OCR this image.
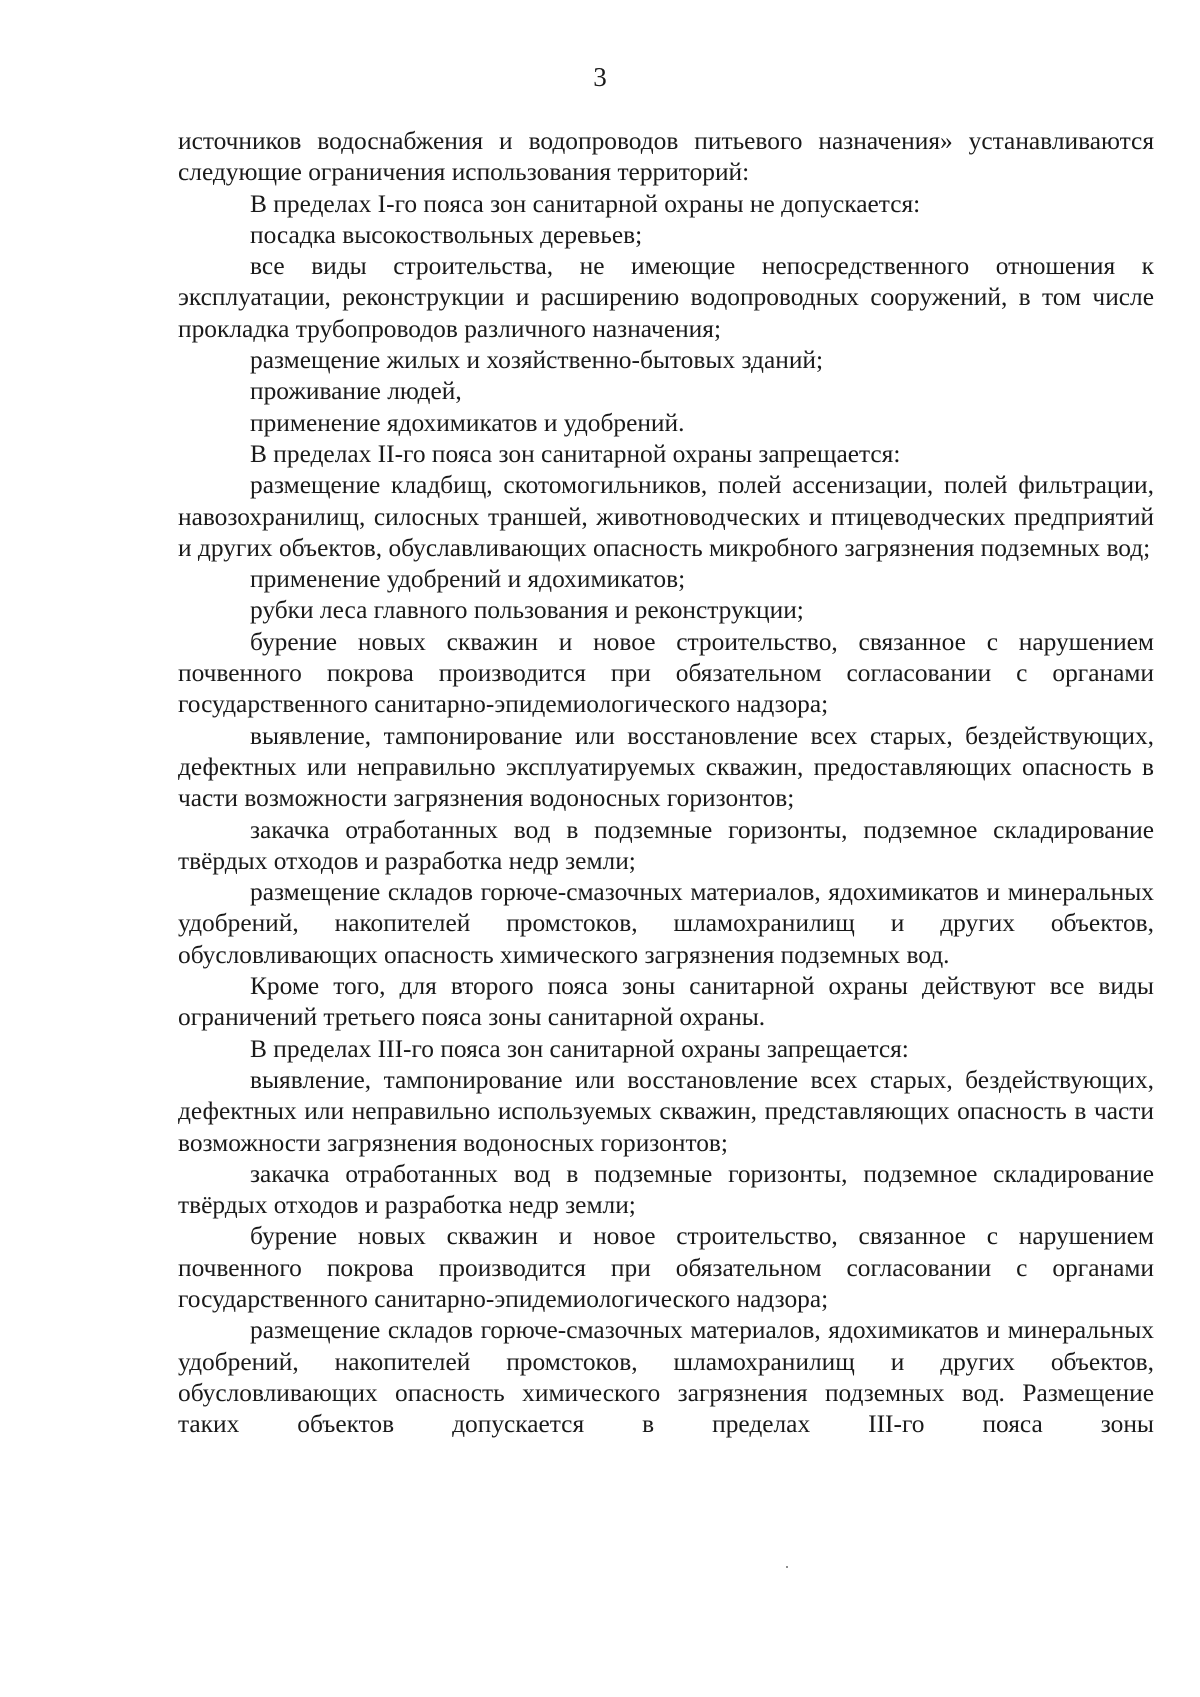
3

источников водоснабжения и водопроводов питьевого назначения» устанавливаются следующие ограничения использования территорий:

В пределах I-го пояса зон санитарной охраны не допускается:

посадка высокоствольных деревьев;

все виды строительства, не имеющие непосредственного отношения к эксплуатации, реконструкции и расширению водопроводных сооружений, в том числе прокладка трубопроводов различного назначения;

размещение жилых и хозяйственно-бытовых зданий;

проживание людей,

применение ядохимикатов и удобрений.

В пределах II-го пояса зон санитарной охраны запрещается:

размещение кладбищ, скотомогильников, полей ассенизации, полей фильтрации, навозохранилищ, силосных траншей, животноводческих и птицеводческих предприятий и других объектов, обуславливающих опасность микробного загрязнения подземных вод;

применение удобрений и ядохимикатов;

рубки леса главного пользования и реконструкции;

бурение новых скважин и новое строительство, связанное с нарушением почвенного покрова производится при обязательном согласовании с органами государственного санитарно-эпидемиологического надзора;

выявление, тампонирование или восстановление всех старых, бездействующих, дефектных или неправильно эксплуатируемых скважин, предоставляющих опасность в части возможности загрязнения водоносных горизонтов;

закачка отработанных вод в подземные горизонты, подземное складирование твёрдых отходов и разработка недр земли;

размещение складов горюче-смазочных материалов, ядохимикатов и минеральных удобрений, накопителей промстоков, шламохранилищ и других объектов, обусловливающих опасность химического загрязнения подземных вод.

Кроме того, для второго пояса зоны санитарной охраны действуют все виды ограничений третьего пояса зоны санитарной охраны.

В пределах III-го пояса зон санитарной охраны запрещается:

выявление, тампонирование или восстановление всех старых, бездействующих, дефектных или неправильно используемых скважин, представляющих опасность в части возможности загрязнения водоносных горизонтов;

закачка отработанных вод в подземные горизонты, подземное складирование твёрдых отходов и разработка недр земли;

бурение новых скважин и новое строительство, связанное с нарушением почвенного покрова производится при обязательном согласовании с органами государственного санитарно-эпидемиологического надзора;

размещение складов горюче-смазочных материалов, ядохимикатов и минеральных удобрений, накопителей промстоков, шламохранилищ и других объектов, обусловливающих опасность химического загрязнения подземных вод. Размещение таких объектов допускается в пределах III-го пояса зоны
